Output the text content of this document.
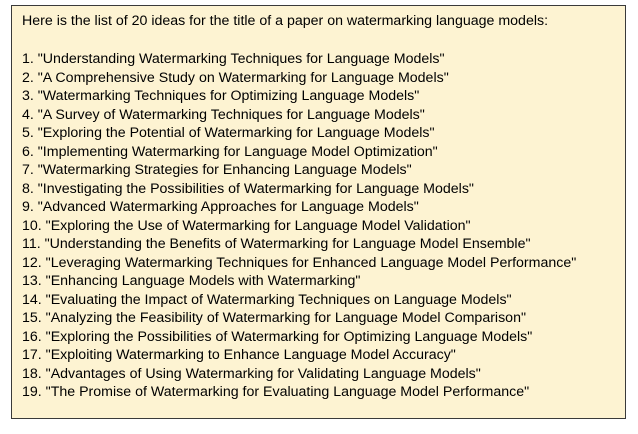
Here is the list of 20 ideas for the title of a paper on watermarking language models:
1. "Understanding Watermarking Techniques for Language Models"
2. "A Comprehensive Study on Watermarking for Language Models"
3. "Watermarking Techniques for Optimizing Language Models"
4. "A Survey of Watermarking Techniques for Language Models"
5. "Exploring the Potential of Watermarking for Language Models"
6. "Implementing Watermarking for Language Model Optimization"
7. "Watermarking Strategies for Enhancing Language Models"
8. "Investigating the Possibilities of Watermarking for Language Models"
9. "Advanced Watermarking Approaches for Language Models"
10. "Exploring the Use of Watermarking for Language Model Validation"
11. "Understanding the Benefits of Watermarking for Language Model Ensemble"
12. "Leveraging Watermarking Techniques for Enhanced Language Model Performance"
13. "Enhancing Language Models with Watermarking"
14. "Evaluating the Impact of Watermarking Techniques on Language Models"
15. "Analyzing the Feasibility of Watermarking for Language Model Comparison"
16. "Exploring the Possibilities of Watermarking for Optimizing Language Models"
17. "Exploiting Watermarking to Enhance Language Model Accuracy"
18. "Advantages of Using Watermarking for Validating Language Models"
19. "The Promise of Watermarking for Evaluating Language Model Performance"
